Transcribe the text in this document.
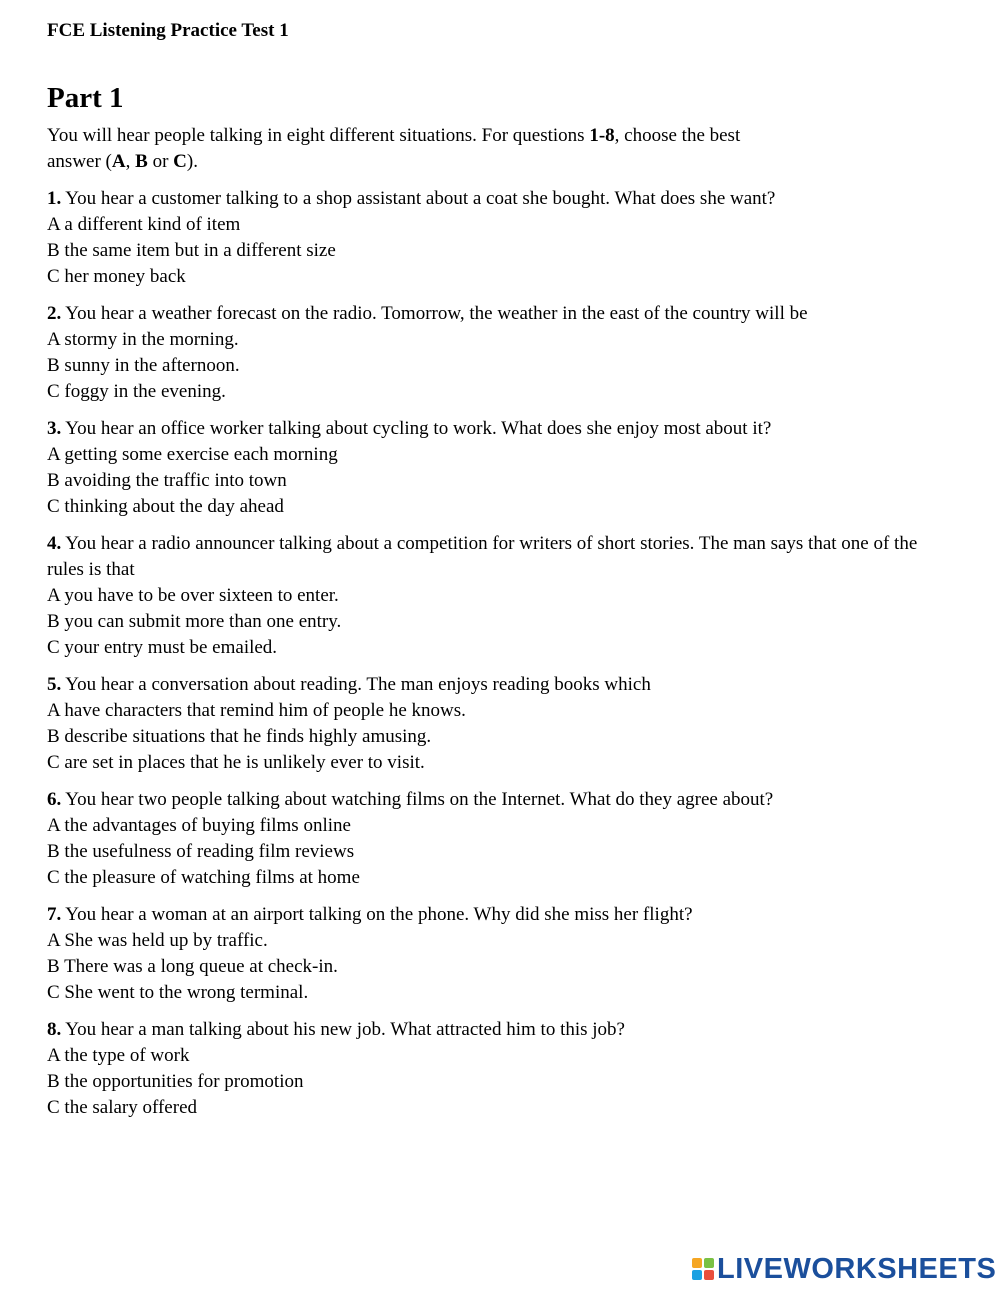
FCE Listening Practice Test 1
Part 1

You will hear people talking in eight different situations. For questions 1-8, choose the best answer (A, B or C).

1. You hear a customer talking to a shop assistant about a coat she bought. What does she want?

A a different kind of item

B the same item but in a different size

C her money back

2. You hear a weather forecast on the radio. Tomorrow, the weather in the east of the country will be

A stormy in the morning.

B sunny in the afternoon.

C foggy in the evening.

3. You hear an office worker talking about cycling to work. What does she enjoy most about it?

A getting some exercise each morning

B avoiding the traffic into town

C thinking about the day ahead

4. You hear a radio announcer talking about a competition for writers of short stories. The man says that one of the rules is that

A you have to be over sixteen to enter.

B you can submit more than one entry.

C your entry must be emailed.

5. You hear a conversation about reading. The man enjoys reading books which

A have characters that remind him of people he knows.

B describe situations that he finds highly amusing.

C are set in places that he is unlikely ever to visit.

6. You hear two people talking about watching films on the Internet. What do they agree about?

A the advantages of buying films online

B the usefulness of reading film reviews

C the pleasure of watching films at home

7. You hear a woman at an airport talking on the phone. Why did she miss her flight?

A She was held up by traffic.

B There was a long queue at check-in.

C She went to the wrong terminal.

8. You hear a man talking about his new job. What attracted him to this job?

A the type of work

B the opportunities for promotion

C the salary offered

LIVEWORKSHEETS
